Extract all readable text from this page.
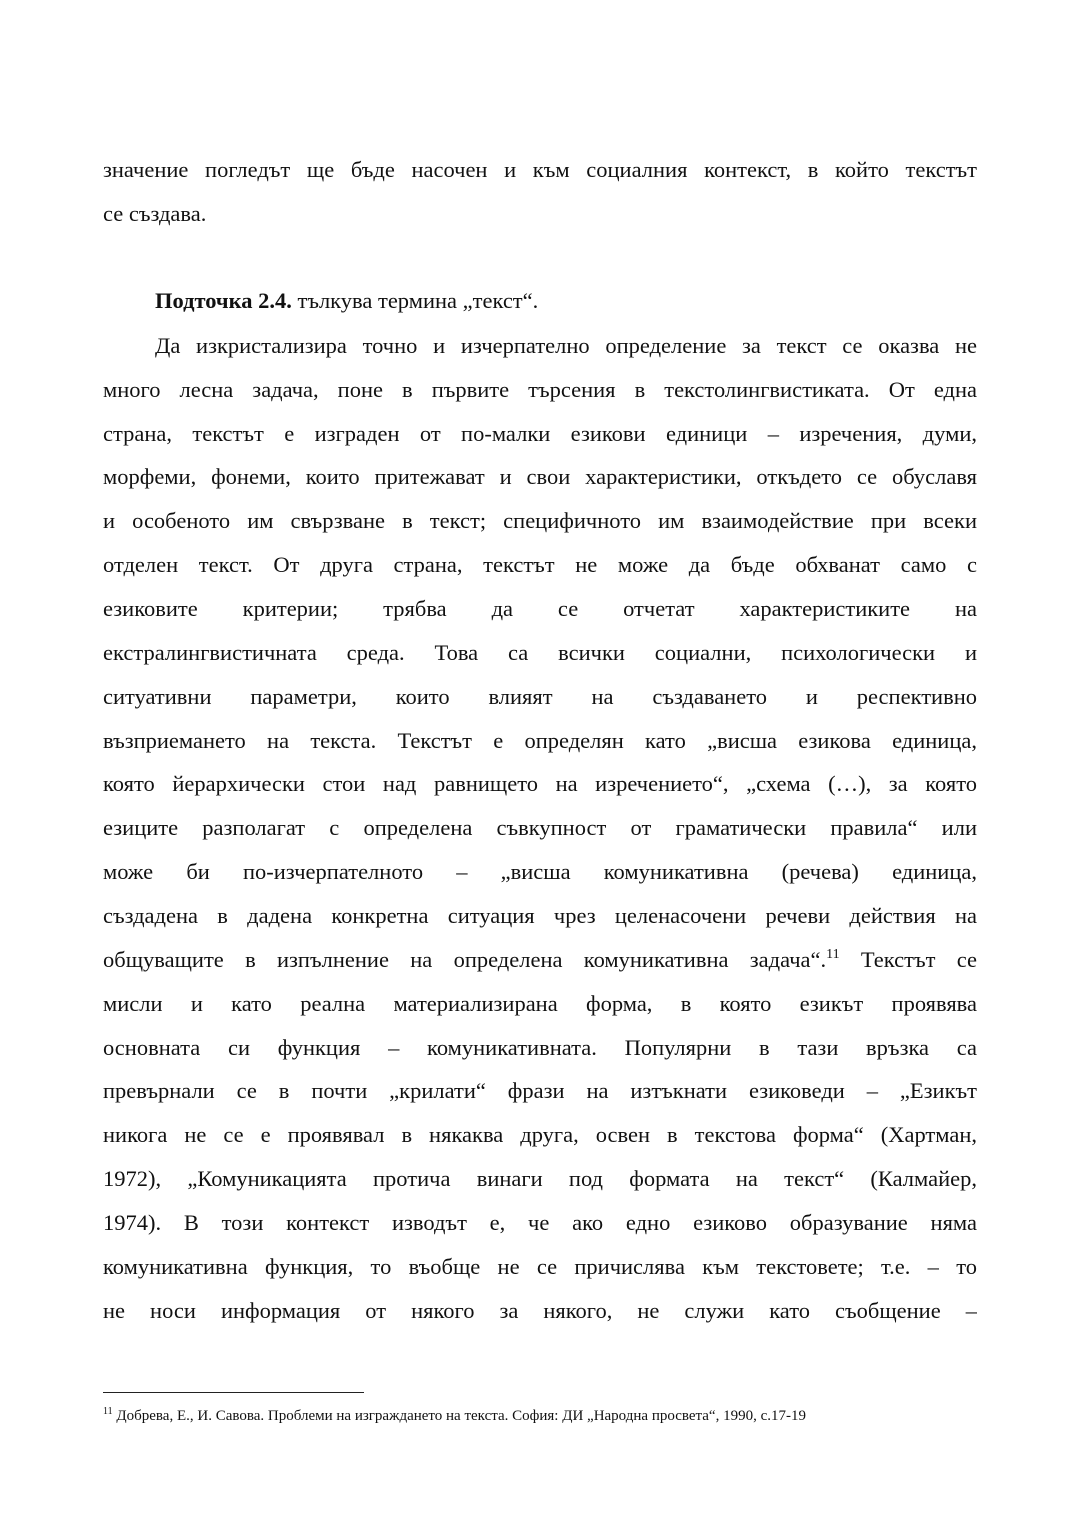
значение погледът ще бъде насочен и към социалния контекст, в който текстът
се създава.
Подточка 2.4. тълкува термина „текст“.
Да изкристализира точно и изчерпателно определение за текст се оказва не
много лесна задача, поне в първите търсения в текстолингвистиката. От една
страна, текстът е изграден от по-малки езикови единици – изречения, думи,
морфеми, фонеми, които притежават и свои характеристики, откъдето се обуславя
и особеното им свързване в текст; специфичното им взаимодействие при всеки
отделен текст. От друга страна, текстът не може да бъде обхванат само с
езиковите критерии; трябва да се отчетат характеристиките на
екстралингвистичната среда. Това са всички социални, психологически и
ситуативни параметри, които влияят на създаването и респективно
възприемането на текста. Текстът е определян като „висша езикова единица,
която йерархически стои над равнището на изречението“, „схема (…), за която
езиците разполагат с определена съвкупност от граматически правила“ или
може би по-изчерпателното – „висша комуникативна (речева) единица,
създадена в дадена конкретна ситуация чрез целенасочени речеви действия на
общуващите в изпълнение на определена комуникативна задача“.$^{11}$ Текстът се
мисли и като реална материализирана форма, в която езикът проявява
основната си функция – комуникативната. Популярни в тази връзка са
превърнали се в почти „крилати“ фрази на изтъкнати езиковеди – „Езикът
никога не се е проявявал в някаква друга, освен в текстова форма“ (Хартман,
1972), „Комуникацията протича винаги под формата на текст“ (Калмайер,
1974). В този контекст изводът е, че ако едно езиково образувание няма
комуникативна функция, то въобще не се причислява към текстовете; т.е. – то
не носи информация от някого за някого, не служи като съобщение –
$^{11}$ Добрева, Е., И. Савова. Проблеми на изграждането на текста. София: ДИ „Народна просвета“, 1990, с.17-19
